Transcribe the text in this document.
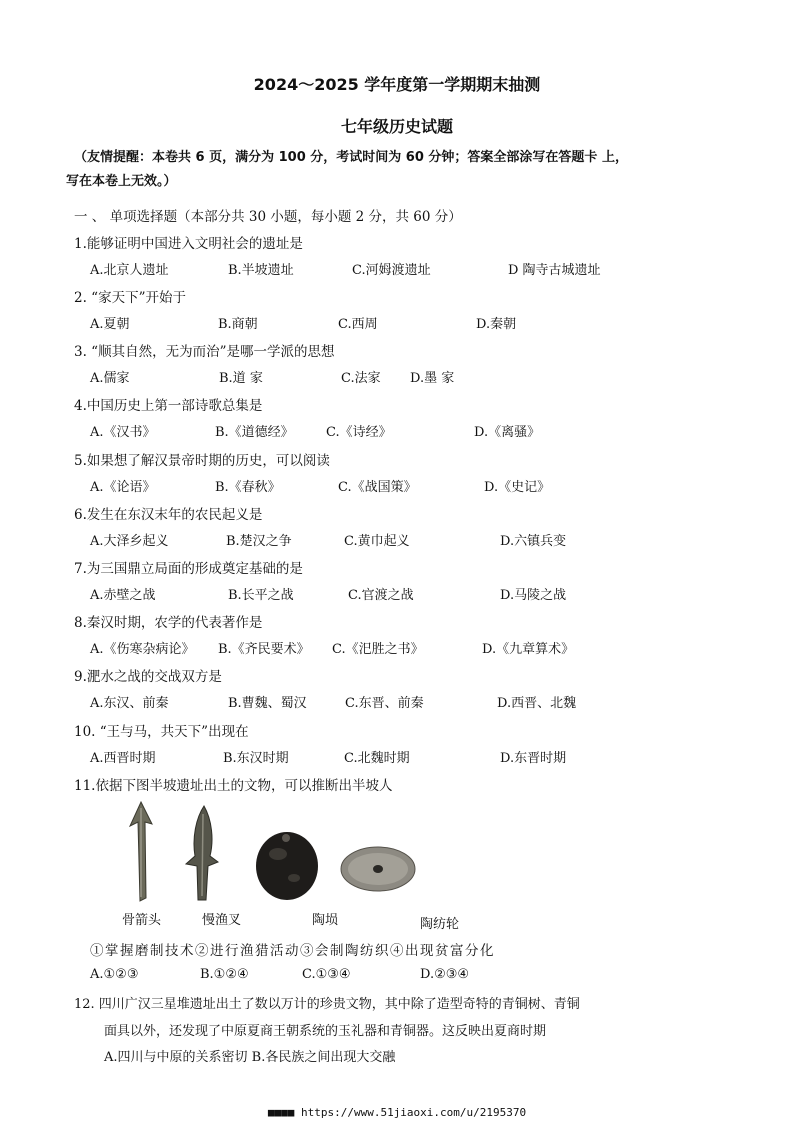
2024～2025 学年度第一学期期末抽测
七年级历史试题
（友情提醒：本卷共 6 页，满分为 100 分，考试时间为 60 分钟；答案全部涂写在答题卡 上，
写在本卷上无效。）
一 、 单项选择题（本部分共 30 小题，每小题 2 分，共 60 分）
1.能够证明中国进入文明社会的遗址是
A.北京人遗址	B.半坡遗址	C.河姆渡遗址	D 陶寺古城遗址
2. “家天下”开始于
A.夏朝	B.商朝	C.西周	D.秦朝
3. “顺其自然，无为而治”是哪一学派的思想
A.儒家	B.道 家	C.法家 D.墨 家
4.中国历史上第一部诗歌总集是
A.《汉书》	B.《道德经》 C.《诗经》	D.《离骚》
5.如果想了解汉景帝时期的历史，可以阅读
A.《论语》	B.《春秋》	C.《战国策》	D.《史记》
6.发生在东汉末年的农民起义是
A.大泽乡起义	B.楚汉之争	C.黄巾起义	D.六镇兵变
7.为三国鼎立局面的形成奠定基础的是
A.赤壁之战	B.长平之战	C.官渡之战	D.马陵之战
8.秦汉时期，农学的代表著作是
A.《伤寒杂病论》 B.《齐民要术》 C.《汜胜之书》	D.《九章算术》
9.淝水之战的交战双方是
A.东汉、前秦	B.曹魏、蜀汉	C.东晋、前秦	D.西晋、北魏
10. “王与马，共天下”出现在
A.西晋时期	B.东汉时期	C.北魏时期	D.东晋时期
11.依据下图半坡遗址出土的文物，可以推断出半坡人
骨箭头	慢渔叉	陶埙	陶纺轮
①掌握磨制技术②进行渔猎活动③会制陶纺织④出现贫富分化
A.①②③	B.①②④	C.①③④	D.②③④
12. 四川广汉三星堆遗址出土了数以万计的珍贵文物，其中除了造型奇特的青铜树、青铜
面具以外，还发现了中原夏商王朝系统的玉礼器和青铜器。这反映出夏商时期
A.四川与中原的关系密切 B.各民族之间出现大交融
■■■■ https://www.51jiaoxi.com/u/2195370
